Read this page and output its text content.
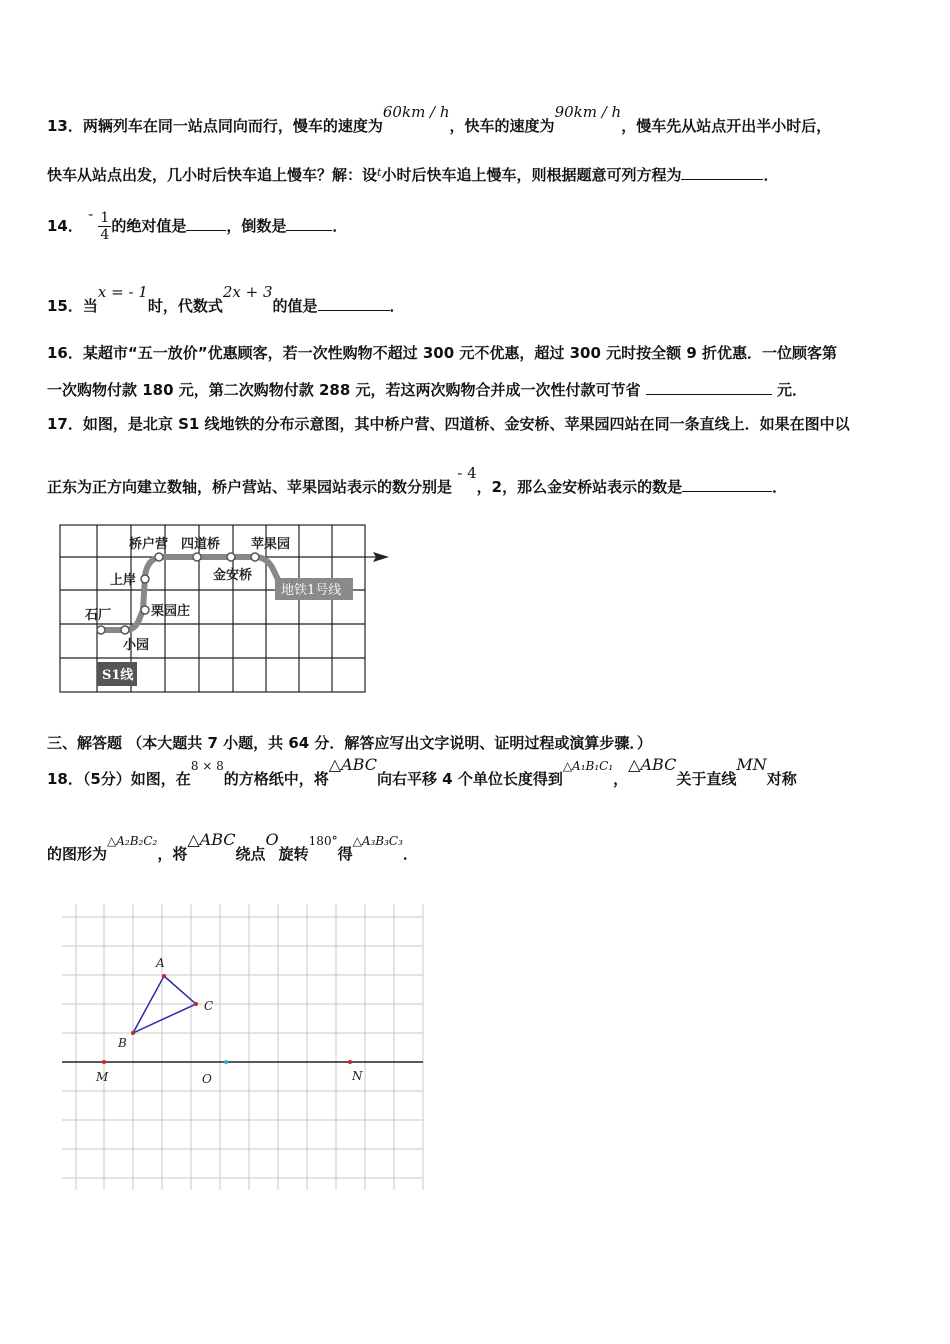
13．两辆列车在同一站点同向而行，慢车的速度为60km / h，快车的速度为90km / h，慢车先从站点开出半小时后，
快车从站点出发，几小时后快车追上慢车？解：设$^t$小时后快车追上慢车，则根据题意可列方程为	．
14． - $\frac{1}{4}$ 的绝对值是	，倒数是	．
15．当x = - 1时，代数式2x + 3的值是	．
16．某超市“五一放价”优惠顾客，若一次性购物不超过 300 元不优惠，超过 300 元时按全额 9 折优惠．一位顾客第
一次购物付款 180 元，第二次购物付款 288 元，若这两次购物合并成一次性付款可节省	元．
17．如图，是北京 S1 线地铁的分布示意图，其中桥户营、四道桥、金安桥、苹果园四站在同一条直线上．如果在图中以
正东为正方向建立数轴，桥户营站、苹果园站表示的数分别是 - 4，2，那么金安桥站表示的数是	．
桥户营 四道桥 苹果园
金安桥
上岸
栗园庄
石厂
小园
地铁1号线
S1线
三、解答题 （本大题共 7 小题，共 64 分．解答应写出文字说明、证明过程或演算步骤．）
18．（5分）如图，在$^{8 \times 8}$的方格纸中，将△ABC向右平移 4 个单位长度得到$^{\triangle A_1B_1C_1}$，△ABC关于直线MN对称
的图形为$^{\triangle A_2B_2C_2}$，将△ABC绕点O旋转$^{180^\circ}$得$^{\triangle A_3B_3C_3}$．
A
C
B
M	O	N
